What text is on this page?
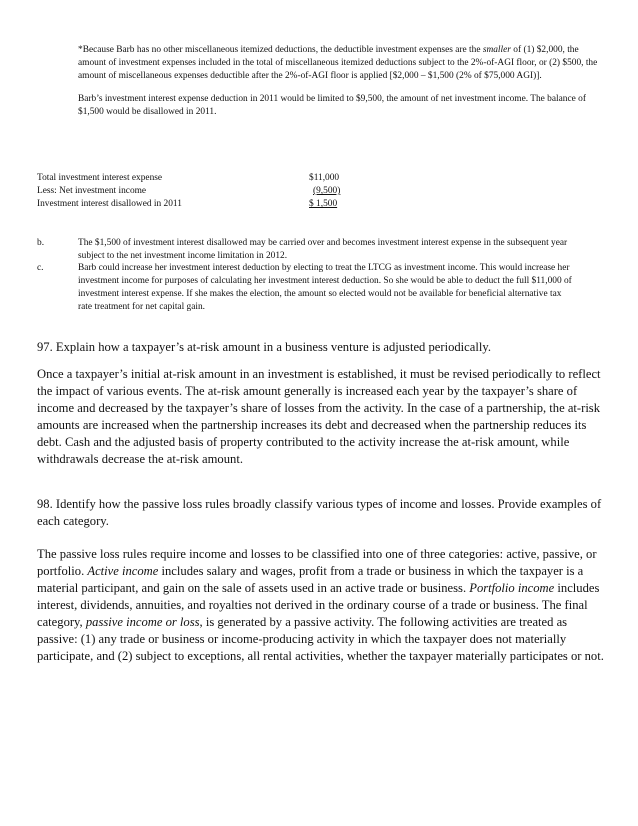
*Because Barb has no other miscellaneous itemized deductions, the deductible investment expenses are the smaller of (1) $2,000, the amount of investment expenses included in the total of miscellaneous itemized deductions subject to the 2%-of-AGI floor, or (2) $500, the amount of miscellaneous expenses deductible after the 2%-of-AGI floor is applied [$2,000 – $1,500 (2% of $75,000 AGI)].

Barb’s investment interest expense deduction in 2011 would be limited to $9,500, the amount of net investment income. The balance of $1,500 would be disallowed in 2011.

Total investment interest expense	$11,000
Less: Net investment income	(9,500)
Investment interest disallowed in 2011	$ 1,500
b.	The $1,500 of investment interest disallowed may be carried over and becomes investment interest expense in the subsequent year subject to the net investment income limitation in 2012.
c.	Barb could increase her investment interest deduction by electing to treat the LTCG as investment income. This would increase her investment income for purposes of calculating her investment interest deduction. So she would be able to deduct the full $11,000 of investment interest expense. If she makes the election, the amount so elected would not be available for beneficial alternative tax rate treatment for net capital gain.

97. Explain how a taxpayer’s at-risk amount in a business venture is adjusted periodically.

Once a taxpayer’s initial at-risk amount in an investment is established, it must be revised periodically to reflect the impact of various events. The at-risk amount generally is increased each year by the taxpayer’s share of income and decreased by the taxpayer’s share of losses from the activity. In the case of a partnership, the at-risk amounts are increased when the partnership increases its debt and decreased when the partnership reduces its debt. Cash and the adjusted basis of property contributed to the activity increase the at-risk amount, while withdrawals decrease the at-risk amount.

98. Identify how the passive loss rules broadly classify various types of income and losses. Provide examples of each category.

The passive loss rules require income and losses to be classified into one of three categories: active, passive, or portfolio. Active income includes salary and wages, profit from a trade or business in which the taxpayer is a material participant, and gain on the sale of assets used in an active trade or business. Portfolio income includes interest, dividends, annuities, and royalties not derived in the ordinary course of a trade or business. The final category, passive income or loss, is generated by a passive activity. The following activities are treated as passive: (1) any trade or business or income-producing activity in which the taxpayer does not materially participate, and (2) subject to exceptions, all rental activities, whether the taxpayer materially participates or not.
